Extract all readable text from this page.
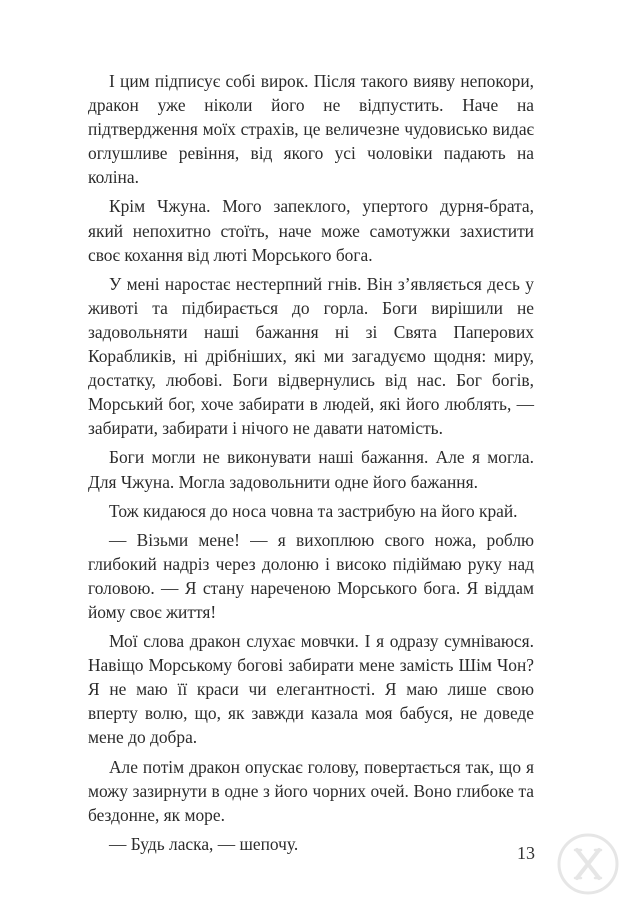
І цим підписує собі вирок. Після такого вияву непокори, дракон уже ніколи його не відпустить. Наче на підтвердження моїх страхів, це величезне чудовисько видає оглушливе ревіння, від якого усі чоловіки падають на коліна.

Крім Чжуна. Мого запеклого, упертого дурня-брата, який непохитно стоїть, наче може самотужки захистити своє кохання від люті Морського бога.

У мені наростає нестерпний гнів. Він з’являється десь у животі та підбирається до горла. Боги вирішили не задовольняти наші бажання ні зі Свята Паперових Корабликів, ні дрібніших, які ми загадуємо щодня: миру, достатку, любові. Боги відвернулись від нас. Бог богів, Морський бог, хоче забирати в людей, які його люблять, — забирати, забирати і нічого не давати натомість.

Боги могли не виконувати наші бажання. Але я могла. Для Чжуна. Могла задовольнити одне його бажання.

Тож кидаюся до носа човна та застрибую на його край.

— Візьми мене! — я вихоплюю свого ножа, роблю глибокий надріз через долоню і високо підіймаю руку над головою. — Я стану нареченою Морського бога. Я віддам йому своє життя!

Мої слова дракон слухає мовчки. І я одразу сумніваюся. Навіщо Морському богові забирати мене замість Шім Чон? Я не маю її краси чи елегантності. Я маю лише свою вперту волю, що, як завжди казала моя бабуся, не доведе мене до добра.

Але потім дракон опускає голову, повертається так, що я можу зазирнути в одне з його чорних очей. Воно глибоке та бездонне, як море.

— Будь ласка, — шепочу.	13
